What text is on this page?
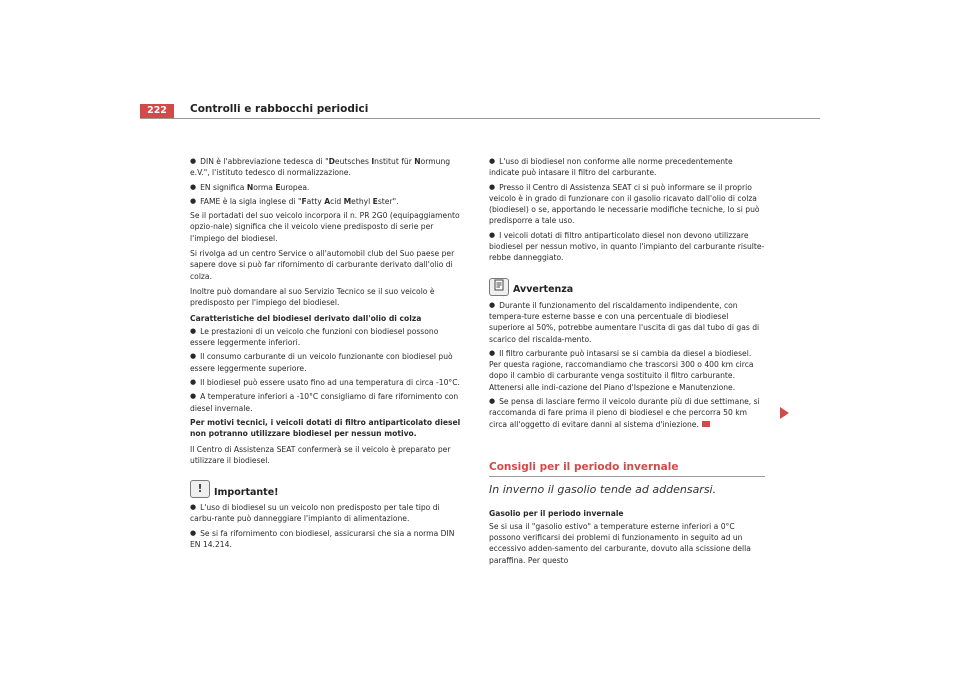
222	Controlli e rabbocchi periodici
● DIN è l'abbreviazione tedesca di "Deutsches Institut für Normung e.V.", l'istituto tedesco di normalizzazione.
● EN significa Norma Europea.
● FAME è la sigla inglese di "Fatty Acid Methyl Ester".

Se il portadati del suo veicolo incorpora il n. PR 2G0 (equipaggiamento opzio-nale) significa che il veicolo viene predisposto di serie per l'impiego del biodiesel.

Si rivolga ad un centro Service o all'automobil club del Suo paese per sapere dove si può far rifornimento di carburante derivato dall'olio di colza.

Inoltre può domandare al suo Servizio Tecnico se il suo veicolo è predisposto per l'impiego del biodiesel.

Caratteristiche del biodiesel derivato dall'olio di colza
● Le prestazioni di un veicolo che funzioni con biodiesel possono essere leggermente inferiori.
● Il consumo carburante di un veicolo funzionante con biodiesel può essere leggermente superiore.
● Il biodiesel può essere usato fino ad una temperatura di circa -10°C.
● A temperature inferiori a -10°C consigliamo di fare rifornimento con diesel invernale.

Per motivi tecnici, i veicoli dotati di filtro antiparticolato diesel non potranno utilizzare biodiesel per nessun motivo.

Il Centro di Assistenza SEAT confermerà se il veicolo è preparato per utilizzare il biodiesel.

!	Importante!
● L'uso di biodiesel su un veicolo non predisposto per tale tipo di carbu-rante può danneggiare l'impianto di alimentazione.
● Se si fa rifornimento con biodiesel, assicurarsi che sia a norma DIN EN 14.214.
● L'uso di biodiesel non conforme alle norme precedentemente indicate può intasare il filtro del carburante.
● Presso il Centro di Assistenza SEAT ci si può informare se il proprio veicolo è in grado di funzionare con il gasolio ricavato dall'olio di colza (biodiesel) o se, apportando le necessarie modifiche tecniche, lo si può predisporre a tale uso.
● I veicoli dotati di filtro antiparticolato diesel non devono utilizzare biodiesel per nessun motivo, in quanto l'impianto del carburante risulte-rebbe danneggiato.
Avvertenza
● Durante il funzionamento del riscaldamento indipendente, con tempera-ture esterne basse e con una percentuale di biodiesel superiore al 50%, potrebbe aumentare l'uscita di gas dal tubo di gas di scarico del riscalda-mento.
● Il filtro carburante può intasarsi se si cambia da diesel a biodiesel. Per questa ragione, raccomandiamo che trascorsi 300 o 400 km circa dopo il cambio di carburante venga sostituito il filtro carburante. Attenersi alle indi-cazione del Piano d'Ispezione e Manutenzione.
● Se pensa di lasciare fermo il veicolo durante più di due settimane, si raccomanda di fare prima il pieno di biodiesel e che percorra 50 km circa all'oggetto di evitare danni al sistema d'iniezione.
Consigli per il periodo invernale
In inverno il gasolio tende ad addensarsi.
Gasolio per il periodo invernale

Se si usa il "gasolio estivo" a temperature esterne inferiori a 0°C possono verificarsi dei problemi di funzionamento in seguito ad un eccessivo adden-samento del carburante, dovuto alla scissione della paraffina. Per questo
